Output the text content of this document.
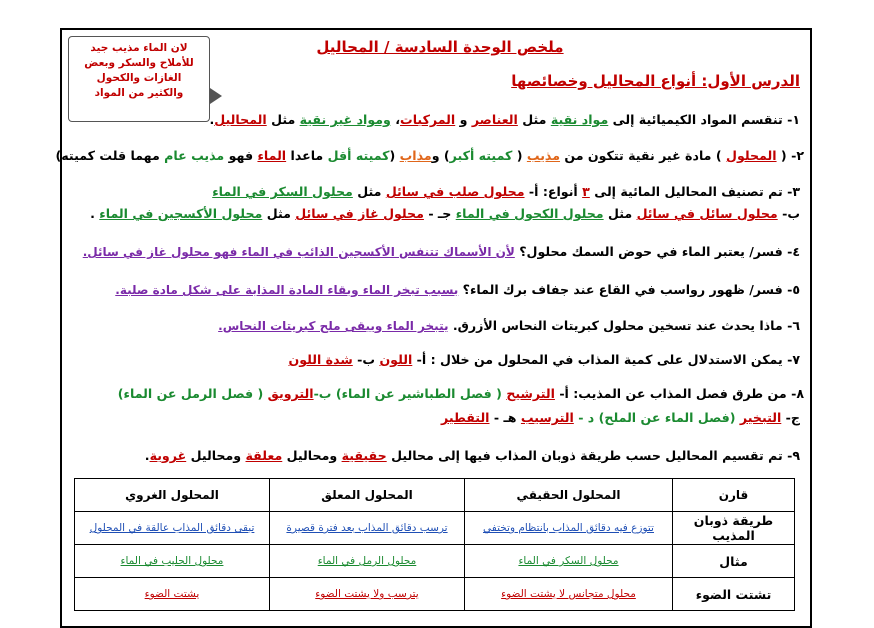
لان الماء مذيب جيد
للأملاح والسكر وبعض
الغازات والكحول
والكثير من المواد
ملخص الوحدة السادسة / المحاليل
الدرس الأول: أنواع المحاليل وخصائصها
١- تنقسم المواد الكيميائية إلى مواد نقية مثل العناصر و المركبات، ومواد غير نقية مثل المحاليل.
٢- ( المحلول ) مادة غير نقية تتكون من مذيب ( كميته أكبر) ومذاب (كميته أقل ماعدا الماء فهو مذيب عام مهما قلت كميته)
٣- تم تصنيف المحاليل المائية إلى ٣ أنواع: أ- محلول صلب في سائل مثل محلول السكر في الماء
ب- محلول سائل في سائل مثل محلول الكحول في الماء جـ - محلول غاز في سائل مثل محلول الأكسجين في الماء .
٤- فسر/ يعتبر الماء في حوض السمك محلول؟ لأن الأسماك تتنفس الأكسجين الذائب في الماء فهو محلول غاز في سائل.
٥- فسر/ ظهور رواسب في القاع عند جفاف برك الماء؟ بسبب تبخر الماء وبقاء المادة المذابة على شكل مادة صلبة.
٦- ماذا يحدث عند تسخين محلول كبريتات النحاس الأزرق. يتبخر الماء ويبقى ملح كبريتات النحاس.
٧- يمكن الاستدلال على كمية المذاب في المحلول من خلال : أ- اللون ب- شدة اللون
٨- من طرق فصل المذاب عن المذيب: أ- الترشيح ( فصل الطباشير عن الماء) ب-الترويق ( فصل الرمل عن الماء)
ج- التبخير (فصل الماء عن الملح) د - الترسيب هـ - التقطير
٩- تم تقسيم المحاليل حسب طريقة ذوبان المذاب فيها إلى محاليل حقيقية ومحاليل معلقة ومحاليل غروية.
قارن	المحلول الحقيقي	المحلول المعلق	المحلول الغروي
طريقة ذوبان المذيب	تتوزع فيه دقائق المذاب بانتظام وتختفي	ترسب دقائق المذاب بعد فترة قصيرة	تبقى دقائق المذاب عالقة في المحلول
مثال	محلول السكر في الماء	محلول الرمل في الماء	محلول الحليب في الماء
تشتت الضوء	محلول متجانس لا يشتت الضوء	يترسب ولا يشتت الضوء	يشتت الضوء
